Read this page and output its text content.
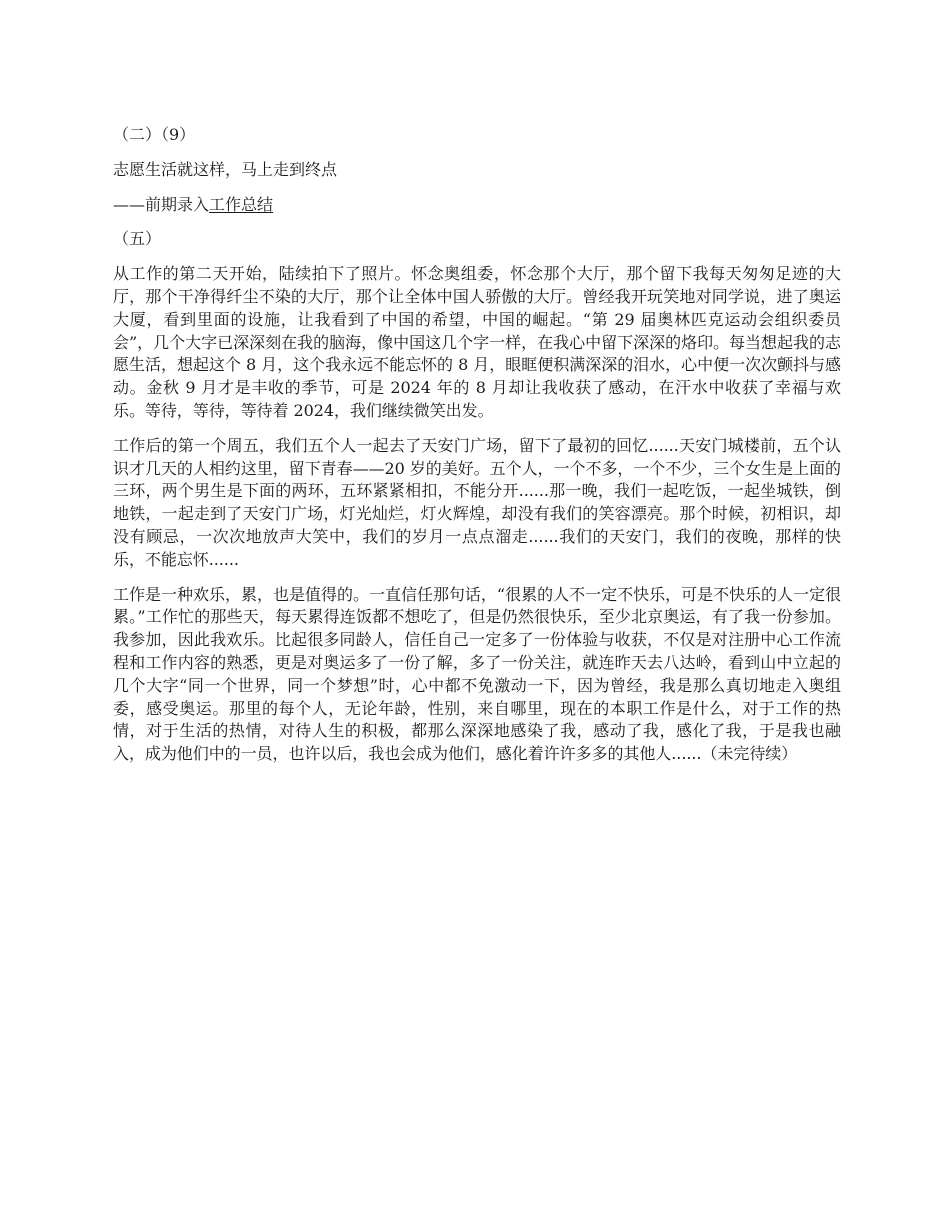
（二）（9）
志愿生活就这样，马上走到终点
——前期录入工作总结
（五）

从工作的第二天开始，陆续拍下了照片。怀念奥组委，怀念那个大厅，那个留下我每天匆匆足迹的大厅，那个干净得纤尘不染的大厅，那个让全体中国人骄傲的大厅。曾经我开玩笑地对同学说，进了奥运大厦，看到里面的设施，让我看到了中国的希望，中国的崛起。“第 29 届奥林匹克运动会组织委员会”，几个大字已深深刻在我的脑海，像中国这几个字一样，在我心中留下深深的烙印。每当想起我的志愿生活，想起这个 8 月，这个我永远不能忘怀的 8 月，眼眶便积满深深的泪水，心中便一次次颤抖与感动。金秋 9 月才是丰收的季节，可是 2024 年的 8 月却让我收获了感动，在汗水中收获了幸福与欢乐。等待，等待，等待着 2024，我们继续微笑出发。

工作后的第一个周五，我们五个人一起去了天安门广场，留下了最初的回忆......天安门城楼前，五个认识才几天的人相约这里，留下青春——20 岁的美好。五个人，一个不多，一个不少，三个女生是上面的三环，两个男生是下面的两环，五环紧紧相扣，不能分开......那一晚，我们一起吃饭，一起坐城铁，倒地铁，一起走到了天安门广场，灯光灿烂，灯火辉煌，却没有我们的笑容漂亮。那个时候，初相识，却没有顾忌，一次次地放声大笑中，我们的岁月一点点溜走......我们的天安门，我们的夜晚，那样的快乐，不能忘怀......

工作是一种欢乐，累，也是值得的。一直信任那句话，“很累的人不一定不快乐，可是不快乐的人一定很累。”工作忙的那些天，每天累得连饭都不想吃了，但是仍然很快乐，至少北京奥运，有了我一份参加。我参加，因此我欢乐。比起很多同龄人，信任自己一定多了一份体验与收获，不仅是对注册中心工作流程和工作内容的熟悉，更是对奥运多了一份了解，多了一份关注，就连昨天去八达岭，看到山中立起的几个大字“同一个世界，同一个梦想”时，心中都不免激动一下，因为曾经，我是那么真切地走入奥组委，感受奥运。那里的每个人，无论年龄，性别，来自哪里，现在的本职工作是什么，对于工作的热情，对于生活的热情，对待人生的积极，都那么深深地感染了我，感动了我，感化了我，于是我也融入，成为他们中的一员，也许以后，我也会成为他们，感化着许许多多的其他人......（未完待续）
